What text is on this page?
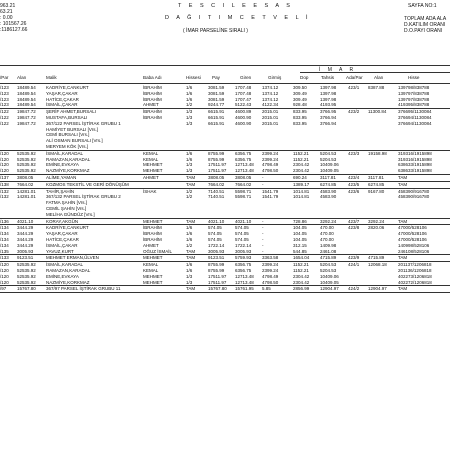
963.21
63.21
: 0.00
: 101567.26
:1186127.66
T E S C I L E E S A S
D A Ğ I T I M C E T V E L İ
( İMAR PARSELİNE SIRALI )
SAYFA NO:1
TOPLAM ADA ALA
D.KATILIM ORANI
D.O.PAYI ORANI
İ M A R
/Par Alan	Malik	Baba Adı	Hissesi Pay	Giren	Girmiş	Dop	Tahsis	Ada/Par Alan	Hisse
/123 18489.54 KADRİYE,CANKURT	İBRAHİM	1/6	3081.59 1707.48 1374.12	309.50	1397.98	423/1 8387.88	139798/838788
/123 18489.54 YAŞAR,ÇAKAR	İBRAHİM	1/6	3081.59 1707.48 1374.12	309.49	1397.98	139797/838788
/123 18489.54 HATİCE,ÇAKAR	İBRAHİM	1/6	3081.59 1707.47 1374.12	309.49	1397.98	139797/838788
/123 18489.54 İSMAİL,ÇAKAR	AHMET	1/2	9244.77 5122.43 4122.34	928.48	4193.95	419395/838788
/122 19847.72 ŞERİF AHMET,BURSALI	İBRAHİM	1/3	6615.91 4600.89 2015.01	833.95	3766.95	423/2 11300.84	376695/1130084
/122 19847.72 MUSTAFA,BURSALI	İBRAHİM	1/3	6615.91 4600.90 2015.01	833.95	3766.94	376694/1130084
/122 19847.72 367/122 PARSEL İŞTİRAK GRUBU 1	1/3	6615.91 4600.90 2015.01	833.95	3766.94	376694/1130084
HAMİYET BURSALI [Vrs.]
CEMİ BURSALI [Vrs.]
ALİ OSMAN BURSALI [Vrs.]
MERYEM KÖK [Vrs.]
/120 52535.92 İSMAİL,KARADAL	KEMAL	1/6	8755.99 6356.75 2399.24	1152.21 5204.53	423/3 19158.98 319316/1915898
/120 52535.92 RAMAZAN,KARADAL	KEMAL	1/6	8755.99 6356.75 2399.24	1152.21 5204.53	319316/1915898
/120 52535.92 EMİNE,EVKAYA	MEHMET	1/3	17511.97 12713.48 4798.49	2304.42 10409.06	638633/1915898
/120 52535.92 NAZMİYE,KORKMAZ	MEHMET	1/3	17511.97 12713.48 4798.50	2304.42 10409.05	638633/1915898
/137 3808.05	ALİME,YAMAN	AHMET	TAM	3808.05 3808.05 -	690.24	3117.81	423/4 3117.81	TAM
/138 7664.02	KOZMOS TEKSTİL VE GERİ DÖNÜŞÜM	TAM	7664.02 7664.02 -	1389.17 6274.85	423/5 6274.85	TAM
/132 14281.01 TAHİR,ŞAHİN	İSHAK	1/2	7140.51 5598.71 1541.79	1014.81 4583.90	423/6 9167.80	458390/916780
/132 14281.01 367/132 PARSEL İŞTİRAK GRUBU 2	1/2	7140.51 5598.71 1541.79	1014.81 4583.90	458390/916780
FATMA ŞAHİN [Vrs.]
CEMİL ŞAHİN [Vrs.]
MELİHA GÜNDÜZ [Vrs.]
/136 4021.10	KORAY,AKGÜN	MEHMET	TAM	4021.10 4021.10 -	728.86	3292.24	423/7 3292.24	TAM
/134 3444.29	KADRİYE,CANKURT	İBRAHİM	1/6	574.05	574.05	-	104.05	470.00	423/8 2820.06	47000/528106
/134 3444.29	YAŞAR,ÇAKAR	İBRAHİM	1/6	574.05	574.05	-	104.05	470.00	47000/528106
/134 3444.29	HATİCE,ÇAKAR	İBRAHİM	1/6	574.05	574.05	-	104.05	470.00	47000/528106
/134 3444.29	İSMAİL,ÇAKAR	AHMET	1/2	1722.14 1722.14 -	312.15	1409.98	140998/528106
/135 3005.93	YAVUZ,KURT	OĞUZ İSMAİL	TAM	3005.93 3005.93 -	544.85	2461.08	246108/528106
/133 9123.51	MEHMET ERMAN,ÜLVEN	MEHMET	TAM	9123.51 5759.93 3363.58	1654.04 4715.89	423/9 4715.89	TAM
/120 52535.92 İSMAİL,KARADAL	KEMAL	1/6	8755.99 6356.75 2399.24	1152.21 5204.53	424/1 12068.18 201137/1206818
/120 52535.92 RAMAZAN,KARADAL	KEMAL	1/6	8755.99 6356.75 2399.24	1152.21 5204.53	201136/1206818
/120 52535.92 EMİNE,EVKAYA	MEHMET	1/3	17511.97 12713.48 4798.49	2304.42 10409.06	402273/1206818
/120 52535.92 NAZMİYE,KORKMAZ	MEHMET	1/3	17511.97 12713.48 4798.50	2304.42 10409.05	402272/1206818
/97 15767.80 367/97 PARSEL İŞTİRAK GRUBU 11	TAM	15767.80 15761.95 5.85	2856.99 12904.97 424/2 12904.97 TAM
